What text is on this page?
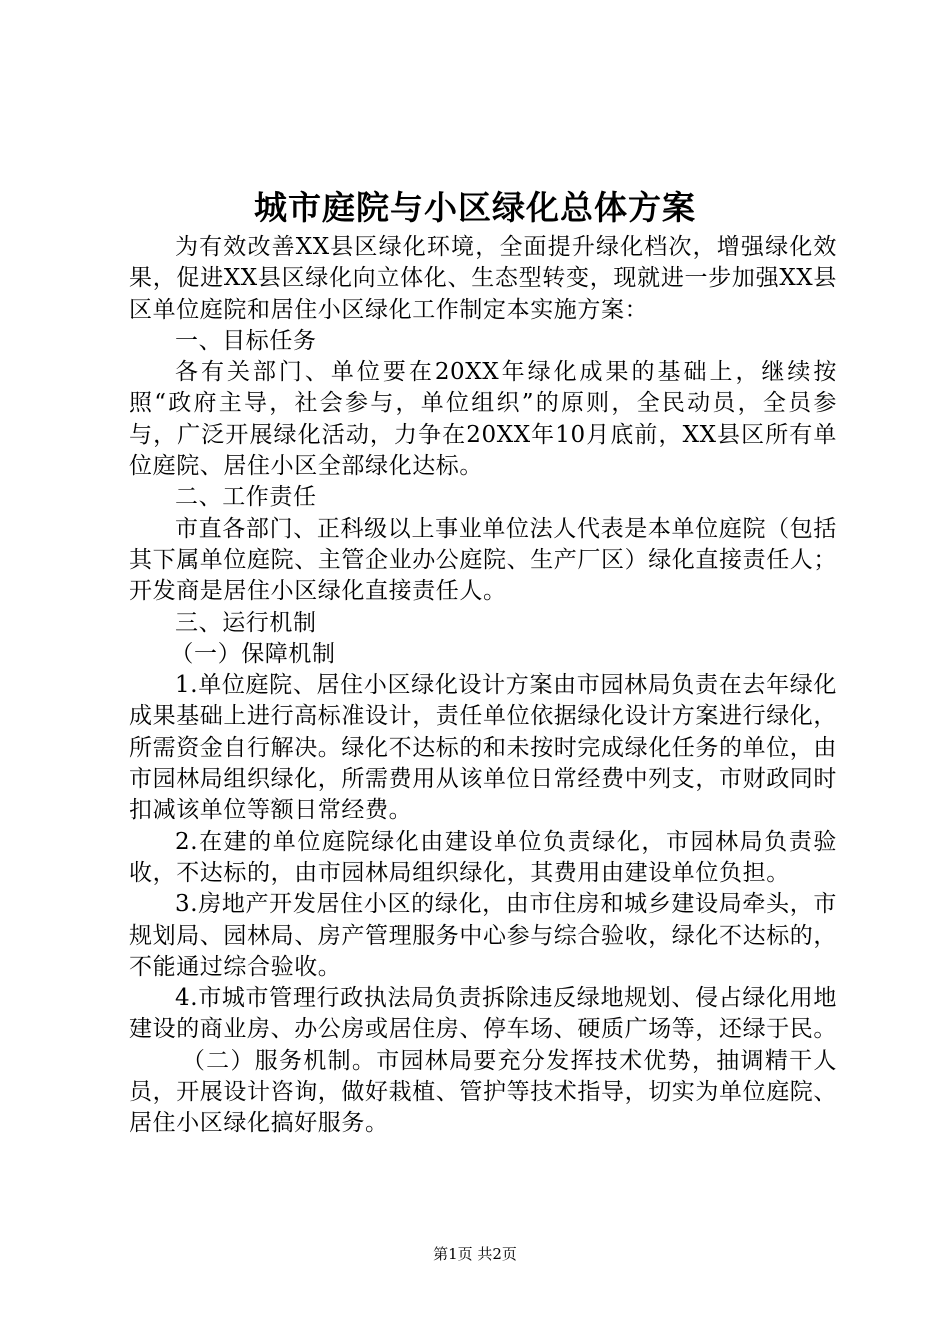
城市庭院与小区绿化总体方案

为有效改善XX县区绿化环境，全面提升绿化档次，增强绿化效果，促进XX县区绿化向立体化、生态型转变，现就进一步加强XX县区单位庭院和居住小区绿化工作制定本实施方案：

一、目标任务

各有关部门、单位要在20XX年绿化成果的基础上，继续按照“政府主导，社会参与，单位组织”的原则，全民动员，全员参与，广泛开展绿化活动，力争在20XX年10月底前，XX县区所有单位庭院、居住小区全部绿化达标。

二、工作责任

市直各部门、正科级以上事业单位法人代表是本单位庭院（包括其下属单位庭院、主管企业办公庭院、生产厂区）绿化直接责任人；开发商是居住小区绿化直接责任人。

三、运行机制

（一）保障机制

1.单位庭院、居住小区绿化设计方案由市园林局负责在去年绿化成果基础上进行高标准设计，责任单位依据绿化设计方案进行绿化，所需资金自行解决。绿化不达标的和未按时完成绿化任务的单位，由市园林局组织绿化，所需费用从该单位日常经费中列支，市财政同时扣减该单位等额日常经费。

2.在建的单位庭院绿化由建设单位负责绿化，市园林局负责验收，不达标的，由市园林局组织绿化，其费用由建设单位负担。

3.房地产开发居住小区的绿化，由市住房和城乡建设局牵头，市规划局、园林局、房产管理服务中心参与综合验收，绿化不达标的，不能通过综合验收。

4.市城市管理行政执法局负责拆除违反绿地规划、侵占绿化用地建设的商业房、办公房或居住房、停车场、硬质广场等，还绿于民。

（二）服务机制。市园林局要充分发挥技术优势，抽调精干人员，开展设计咨询，做好栽植、管护等技术指导，切实为单位庭院、居住小区绿化搞好服务。

第1页 共2页
